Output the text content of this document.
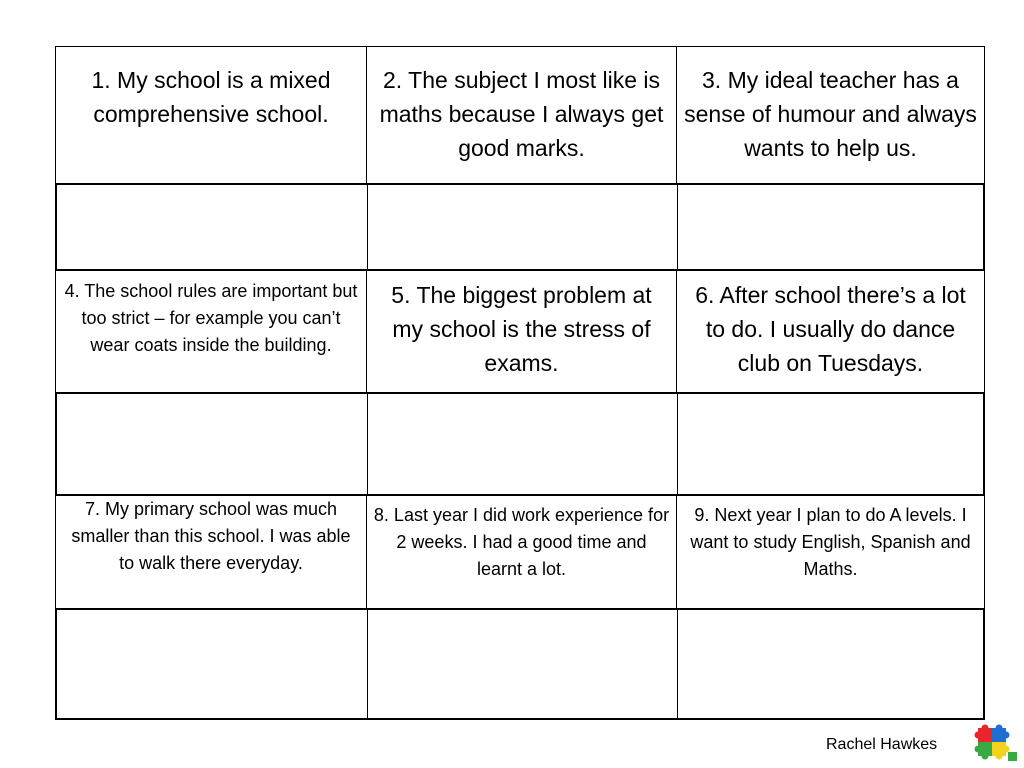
1. My school is a mixed comprehensive school.
2. The subject I most like is maths because I always get good marks.
3. My ideal teacher has a sense of humour and always wants to help us.
4. The school rules are important but too strict – for example you can’t wear coats inside the building.
5. The biggest problem at my school is the stress of exams.
6. After school there’s a lot to do. I usually do dance club on Tuesdays.
7. My primary school was much smaller than this school. I was able to walk there everyday.
8. Last year I did work experience for 2 weeks. I had a good time and learnt a lot.
9. Next year I plan to do A levels. I want to study English, Spanish and Maths.
Rachel Hawkes
